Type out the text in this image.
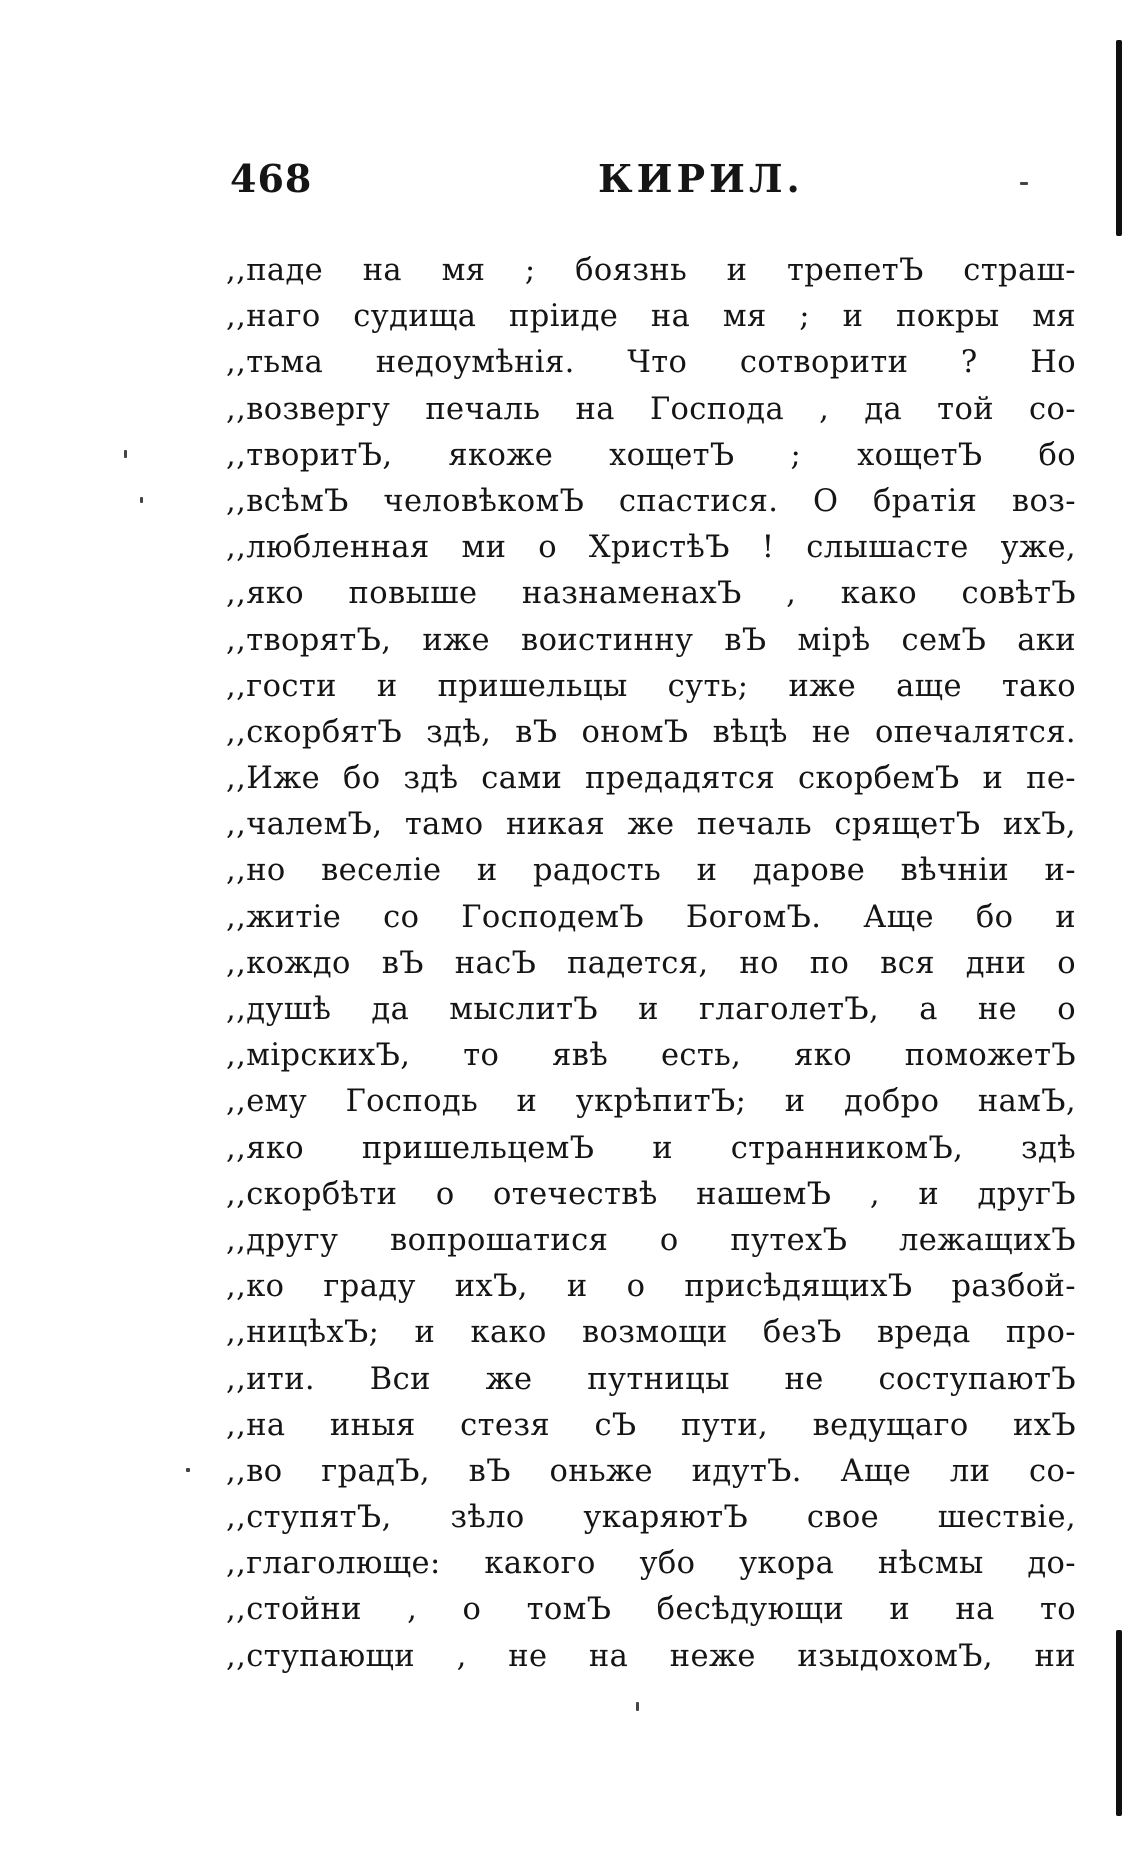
468	КИРИЛ.
,,паде на мя ; боязнь и трепетЪ страш-
,,наго судища пріиде на мя ; и покры мя
,,тьма недоумѣнія. Что сотворити ? Но
,,возвергу печаль на Господа , да той со-
,,творитЪ, якоже хощетЪ ; хощетЪ бо
,,всѣмЪ человѣкомЪ спастися. О братія воз-
,,любленная ми о ХристѣЪ ! слышасте уже,
,,яко повыше назнаменахЪ , како совѣтЪ
,,творятЪ, иже воистинну вЪ мірѣ семЪ аки
,,гости и пришельцы суть; иже аще тако
,,скорбятЪ здѣ, вЪ ономЪ вѣцѣ не опечалятся.
,,Иже бо здѣ сами предадятся скорбемЪ и пе-
,,чалемЪ, тамо никая же печаль срящетЪ ихЪ,
,,но веселіе и радость и дарове вѣчніи и-
,,житіе со ГосподемЪ БогомЪ. Аще бо и
,,кождо вЪ насЪ падется, но по вся дни о
,,душѣ да мыслитЪ и глаголетЪ, а не о
,,мірскихЪ, то явѣ есть, яко поможетЪ
,,ему Господь и укрѣпитЪ; и добро намЪ,
,,яко пришельцемЪ и странникомЪ, здѣ
,,скорбѣти о отечествѣ нашемЪ , и другЪ
,,другу вопрошатися о путехЪ лежащихЪ
,,ко граду ихЪ, и о присѣдящихЪ разбой-
,,ницѣхЪ; и како возмощи безЪ вреда про-
,,ити. Вси же путницы не соступаютЪ
,,на иныя стезя сЪ пути, ведущаго ихЪ
,,во градЪ, вЪ оньже идутЪ. Аще ли со-
,,ступятЪ, зѣло укаряютЪ свое шествіе,
,,глаголюще: какого убо укора нѣсмы до-
,,стойни , о томЪ бесѣдующи и на то
,,ступающи , не на неже изыдохомЪ, ни
